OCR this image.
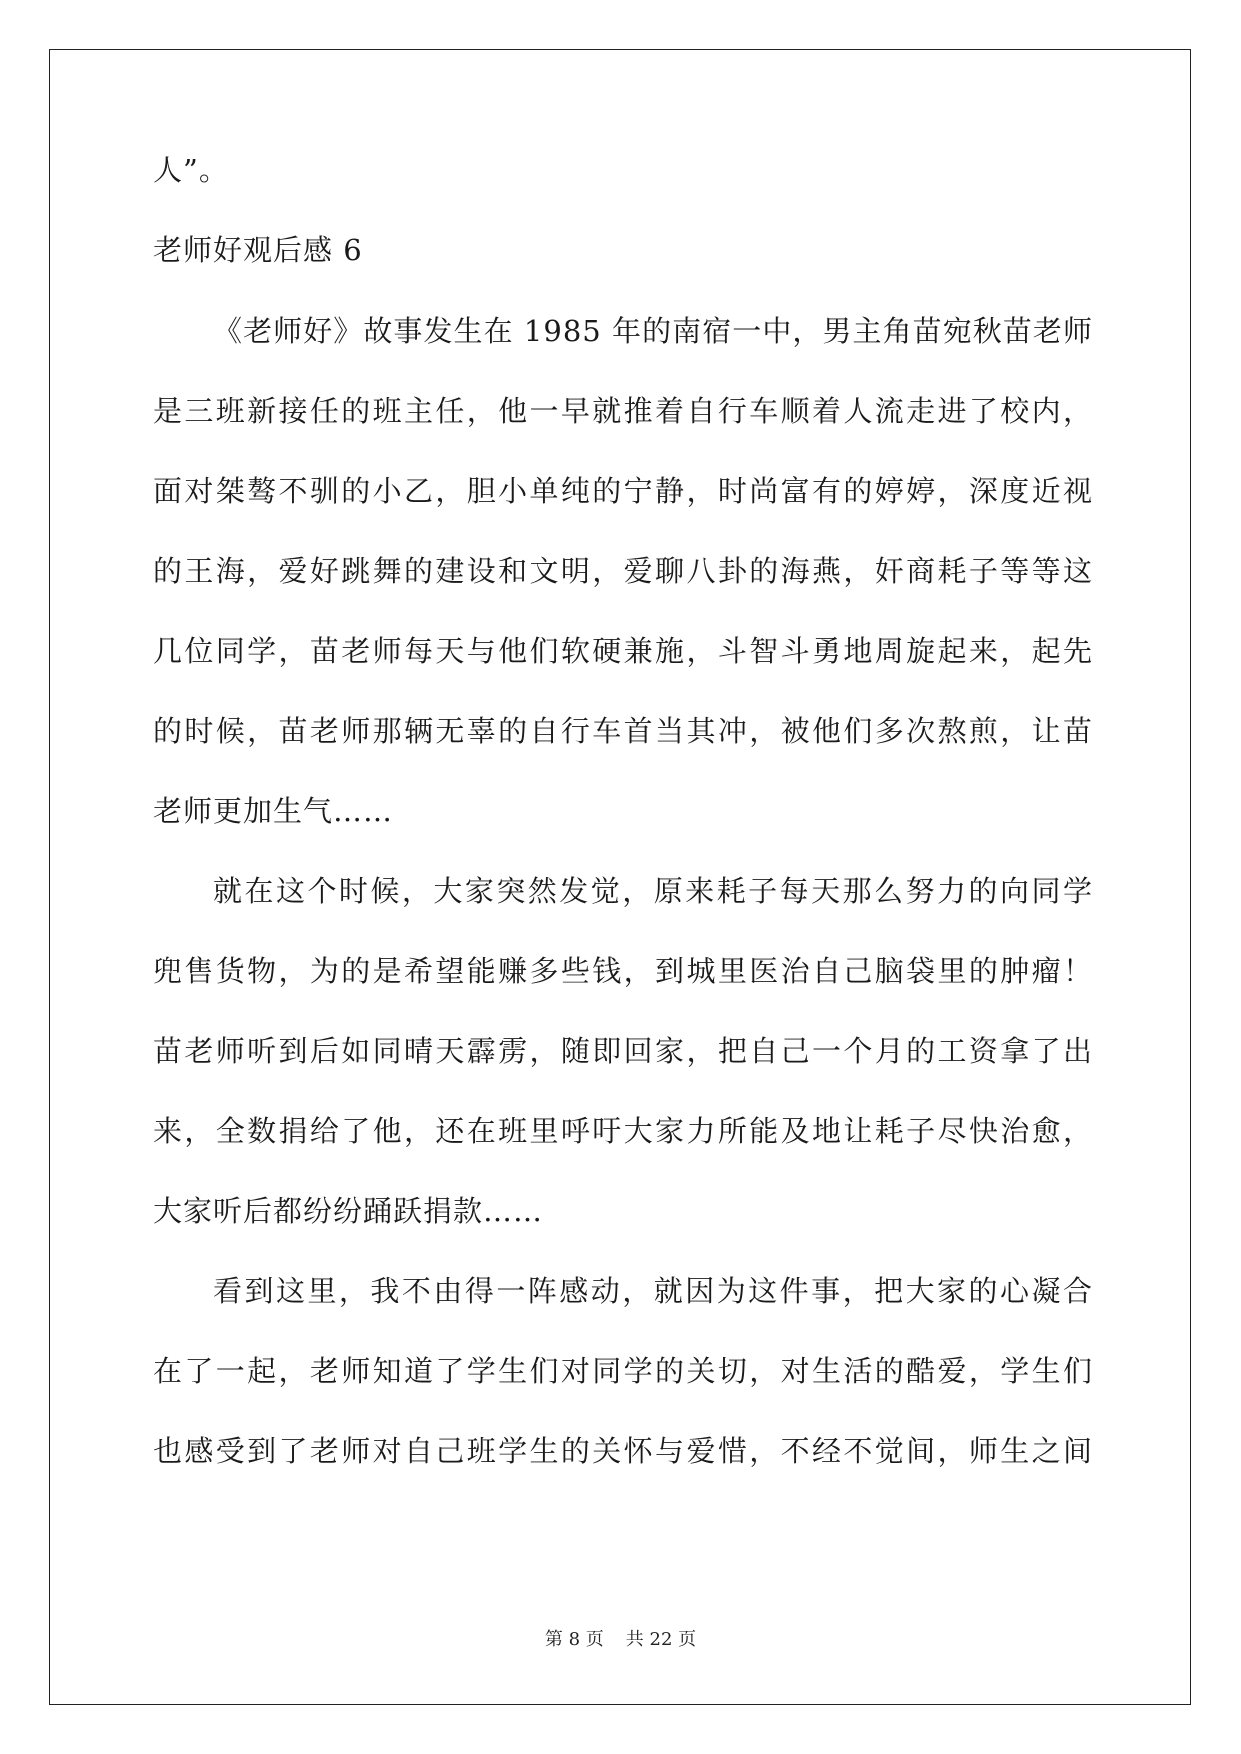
人”。
老师好观后感 6
《老师好》故事发生在 1985 年的南宿一中，男主角苗宛秋苗老师
是三班新接任的班主任，他一早就推着自行车顺着人流走进了校内，
面对桀骜不驯的小乙，胆小单纯的宁静，时尚富有的婷婷，深度近视
的王海，爱好跳舞的建设和文明，爱聊八卦的海燕，奸商耗子等等这
几位同学，苗老师每天与他们软硬兼施，斗智斗勇地周旋起来，起先
的时候，苗老师那辆无辜的自行车首当其冲，被他们多次熬煎，让苗
老师更加生气……
就在这个时候，大家突然发觉，原来耗子每天那么努力的向同学
兜售货物，为的是希望能赚多些钱，到城里医治自己脑袋里的肿瘤！
苗老师听到后如同晴天霹雳，随即回家，把自己一个月的工资拿了出
来，全数捐给了他，还在班里呼吁大家力所能及地让耗子尽快治愈，
大家听后都纷纷踊跃捐款……
看到这里，我不由得一阵感动，就因为这件事，把大家的心凝合
在了一起，老师知道了学生们对同学的关切，对生活的酷爱，学生们
也感受到了老师对自己班学生的关怀与爱惜，不经不觉间，师生之间
第 8 页 共 22 页
